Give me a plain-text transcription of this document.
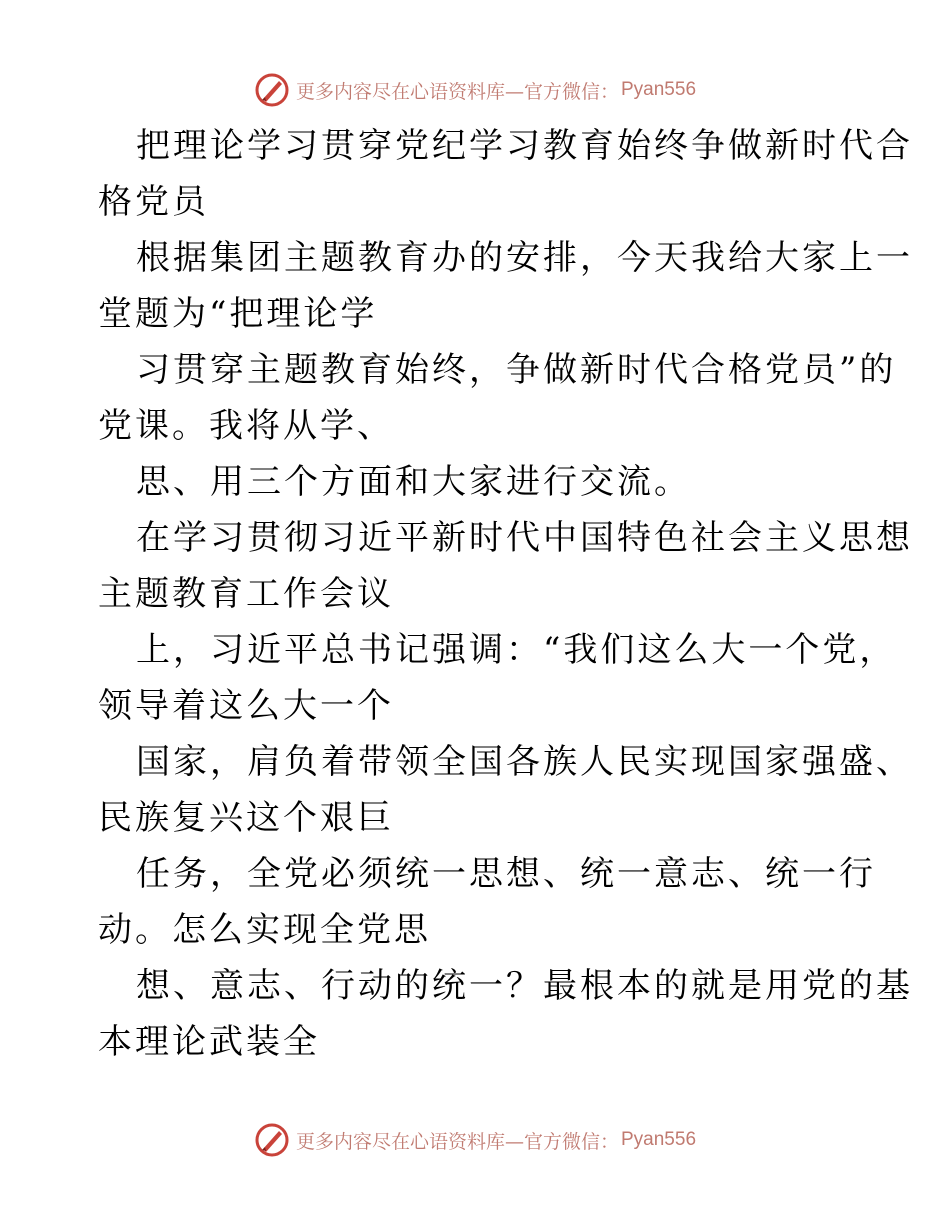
更多内容尽在心语资料库—官方微信： Pyan556
把理论学习贯穿党纪学习教育始终争做新时代合
格党员
根据集团主题教育办的安排，今天我给大家上一
堂题为“把理论学
习贯穿主题教育始终，争做新时代合格党员”的
党课。我将从学、
思、用三个方面和大家进行交流。
在学习贯彻习近平新时代中国特色社会主义思想
主题教育工作会议
上，习近平总书记强调：“我们这么大一个党，
领导着这么大一个
国家，肩负着带领全国各族人民实现国家强盛、
民族复兴这个艰巨
任务，全党必须统一思想、统一意志、统一行
动。怎么实现全党思
想、意志、行动的统一？最根本的就是用党的基
本理论武装全
更多内容尽在心语资料库—官方微信： Pyan556
